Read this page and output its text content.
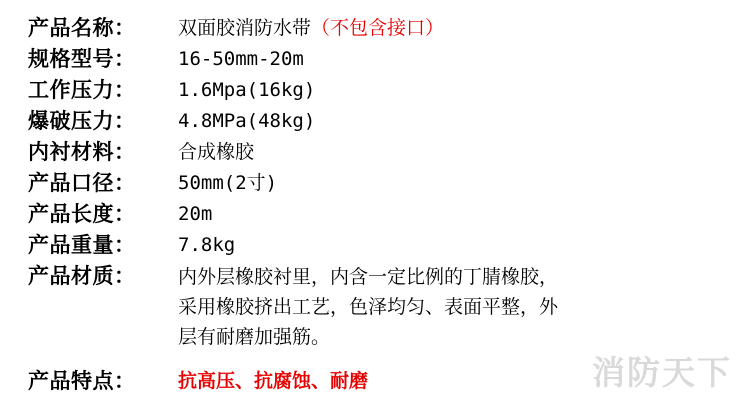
产品名称：	双面胶消防水带（不包含接口）
规格型号：	16-50mm-20m
工作压力：	1.6Mpa(16kg)
爆破压力：	4.8MPa(48kg)
内衬材料：	合成橡胶
产品口径：	50mm(2寸)
产品长度：	20m
产品重量：	7.8kg
产品材质：	内外层橡胶衬里，内含一定比例的丁腈橡胶，
采用橡胶挤出工艺，色泽均匀、表面平整，外
层有耐磨加强筋。
产品特点：	抗高压、抗腐蚀、耐磨	消防天下
